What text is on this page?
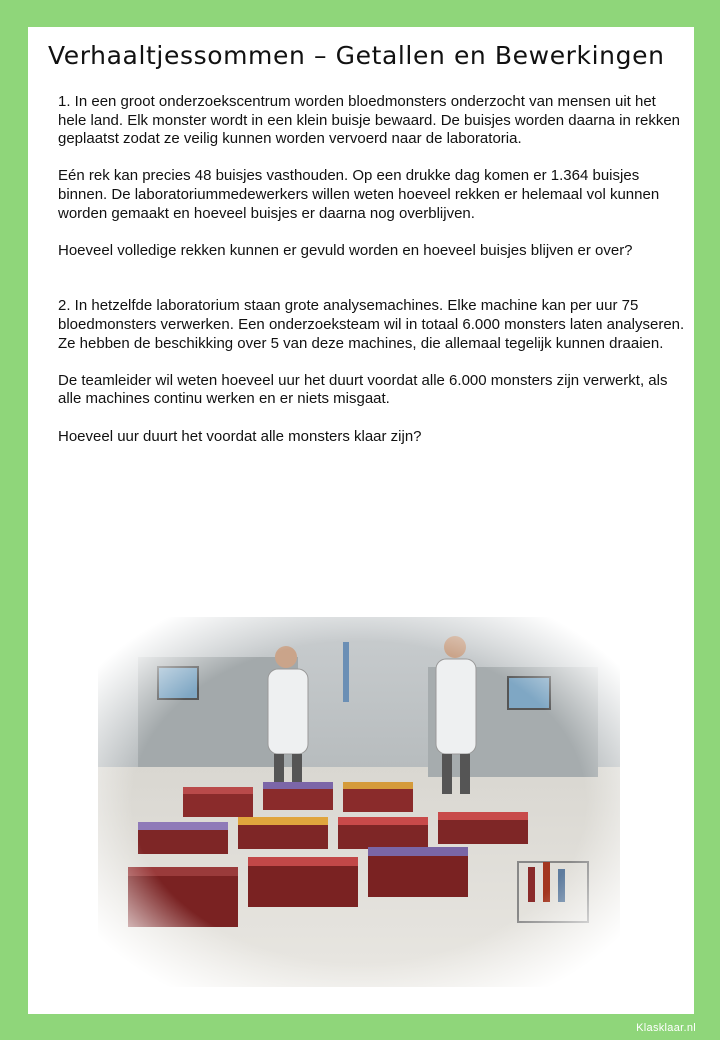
Verhaaltjessommen – Getallen en Bewerkingen

1. In een groot onderzoekscentrum worden bloedmonsters onderzocht van mensen uit het hele land. Elk monster wordt in een klein buisje bewaard. De buisjes worden daarna in rekken geplaatst zodat ze veilig kunnen worden vervoerd naar de laboratoria.

Eén rek kan precies 48 buisjes vasthouden. Op een drukke dag komen er 1.364 buisjes binnen. De laboratoriummedewerkers willen weten hoeveel rekken er helemaal vol kunnen worden gemaakt en hoeveel buisjes er daarna nog overblijven.

Hoeveel volledige rekken kunnen er gevuld worden en hoeveel buisjes blijven er over?

2. In hetzelfde laboratorium staan grote analysemachines. Elke machine kan per uur 75 bloedmonsters verwerken. Een onderzoeksteam wil in totaal 6.000 monsters laten analyseren. Ze hebben de beschikking over 5 van deze machines, die allemaal tegelijk kunnen draaien.

De teamleider wil weten hoeveel uur het duurt voordat alle 6.000 monsters zijn verwerkt, als alle machines continu werken en er niets misgaat.

Hoeveel uur duurt het voordat alle monsters klaar zijn?

Klasklaar.nl
